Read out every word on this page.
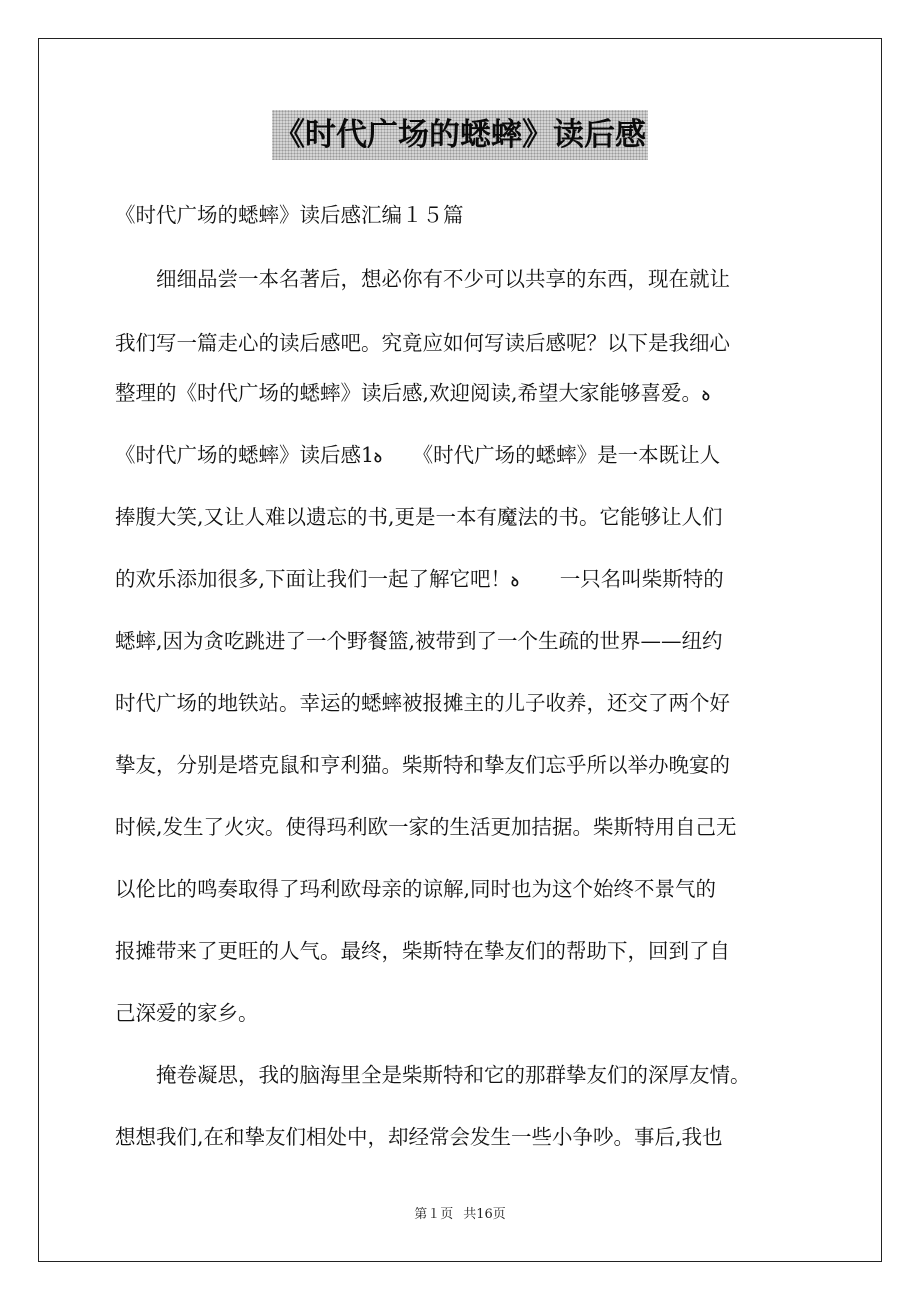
《时代广场的蟋蟀》读后感
《时代广场的蟋蟀》读后感汇编１５篇
　　细细品尝一本名著后，想必你有不少可以共享的东西，现在就让
我们写一篇走心的读后感吧。究竟应如何写读后感呢？以下是我细心
整理的《时代广场的蟋蟀》读后感,欢迎阅读,希望大家能够喜爱。ꝺ
《时代广场的蟋蟀》读后感1ꝺ　　《时代广场的蟋蟀》是一本既让人
捧腹大笑,又让人难以遗忘的书,更是一本有魔法的书。它能够让人们
的欢乐添加很多,下面让我们一起了解它吧！ꝺ　　一只名叫柴斯特的
蟋蟀,因为贪吃跳进了一个野餐篮,被带到了一个生疏的世界——纽约
时代广场的地铁站。幸运的蟋蟀被报摊主的儿子收养，还交了两个好
挚友，分别是塔克鼠和亨利猫。柴斯特和挚友们忘乎所以举办晚宴的
时候,发生了火灾。使得玛利欧一家的生活更加拮据。柴斯特用自己无
以伦比的鸣奏取得了玛利欧母亲的谅解,同时也为这个始终不景气的
报摊带来了更旺的人气。最终，柴斯特在挚友们的帮助下，回到了自
己深爱的家乡。
　　掩卷凝思，我的脑海里全是柴斯特和它的那群挚友们的深厚友情。
想想我们,在和挚友们相处中，却经常会发生一些小争吵。事后,我也
第１页 共16页
